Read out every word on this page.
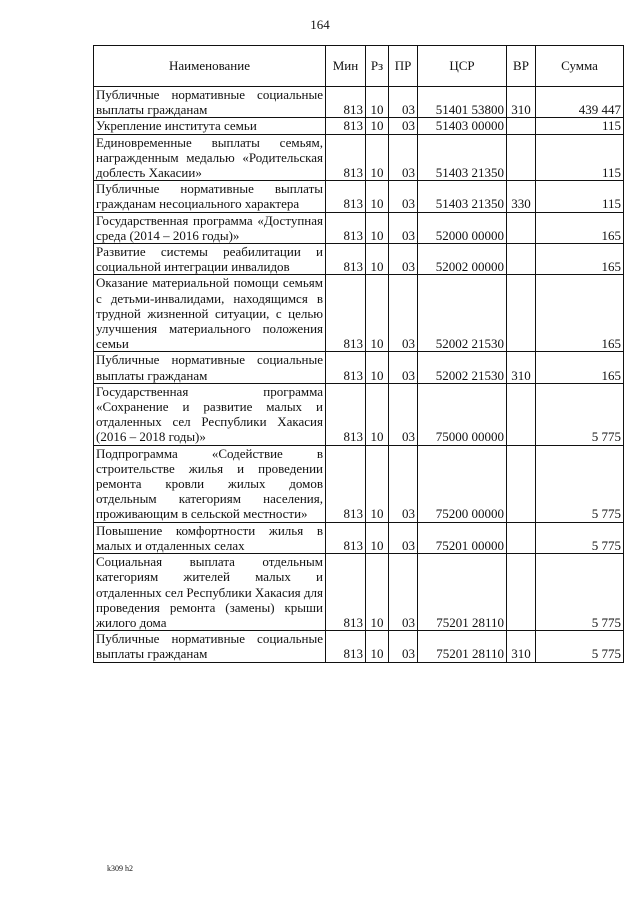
164
Наименование	Мин	Рз	ПР	ЦСР	ВР	Сумма
Публичные нормативные социальные выплаты гражданам	813	10	03	51401 53800	310	439 447
Укрепление института семьи	813	10	03	51403 00000		115
Единовременные выплаты семьям, награжденным медалью «Родительская доблесть Хакасии»	813	10	03	51403 21350		115
Публичные нормативные выплаты гражданам несоциального характера	813	10	03	51403 21350	330	115
Государственная программа «Доступная среда (2014 – 2016 годы)»	813	10	03	52000 00000		165
Развитие системы реабилитации и социальной интеграции инвалидов	813	10	03	52002 00000		165
Оказание материальной помощи семьям с детьми-инвалидами, находящимся в трудной жизненной ситуации, с целью улучшения материального положения семьи	813	10	03	52002 21530		165
Публичные нормативные социальные выплаты гражданам	813	10	03	52002 21530	310	165
Государственная программа «Сохранение и развитие малых и отдаленных сел Республики Хакасия (2016 – 2018 годы)»	813	10	03	75000 00000		5 775
Подпрограмма «Содействие в строительстве жилья и проведении ремонта кровли жилых домов отдельным категориям населения, проживающим в сельской местности»	813	10	03	75200 00000		5 775
Повышение комфортности жилья в малых и отдаленных селах	813	10	03	75201 00000		5 775
Социальная выплата отдельным категориям жителей малых и отдаленных сел Республики Хакасия для проведения ремонта (замены) крыши жилого дома	813	10	03	75201 28110		5 775
Публичные нормативные социальные выплаты гражданам	813	10	03	75201 28110	310	5 775
k309 h2
